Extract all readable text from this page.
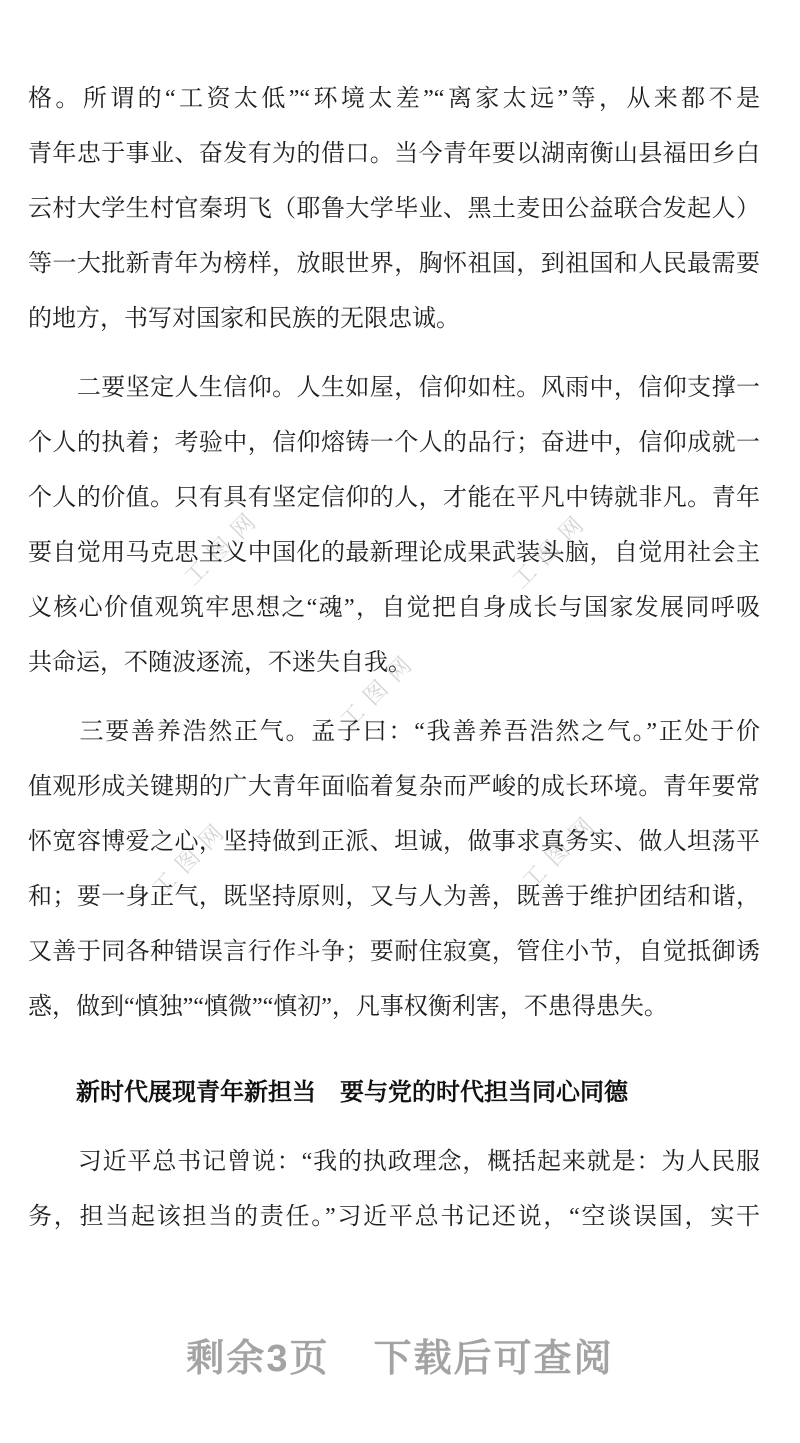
工图网	工图网
工图网
工图网	工图网
格。所谓的“工资太低”“环境太差”“离家太远”等，从来都不是
青年忠于事业、奋发有为的借口。当今青年要以湖南衡山县福田乡白
云村大学生村官秦玥飞（耶鲁大学毕业、黑土麦田公益联合发起人）
等一大批新青年为榜样，放眼世界，胸怀祖国，到祖国和人民最需要
的地方，书写对国家和民族的无限忠诚。
　　二要坚定人生信仰。人生如屋，信仰如柱。风雨中，信仰支撑一
个人的执着；考验中，信仰熔铸一个人的品行；奋进中，信仰成就一
个人的价值。只有具有坚定信仰的人，才能在平凡中铸就非凡。青年
要自觉用马克思主义中国化的最新理论成果武装头脑，自觉用社会主
义核心价值观筑牢思想之“魂”，自觉把自身成长与国家发展同呼吸
共命运，不随波逐流，不迷失自我。
　　三要善养浩然正气。孟子曰：“我善养吾浩然之气。”正处于价
值观形成关键期的广大青年面临着复杂而严峻的成长环境。青年要常
怀宽容博爱之心，坚持做到正派、坦诚，做事求真务实、做人坦荡平
和；要一身正气，既坚持原则，又与人为善，既善于维护团结和谐，
又善于同各种错误言行作斗争；要耐住寂寞，管住小节，自觉抵御诱
惑，做到“慎独”“慎微”“慎初”，凡事权衡利害，不患得患失。
　　新时代展现青年新担当　要与党的时代担当同心同德
　　习近平总书记曾说：“我的执政理念，概括起来就是：为人民服
务，担当起该担当的责任。”习近平总书记还说，“空谈误国，实干
剩余3页 下载后可查阅
